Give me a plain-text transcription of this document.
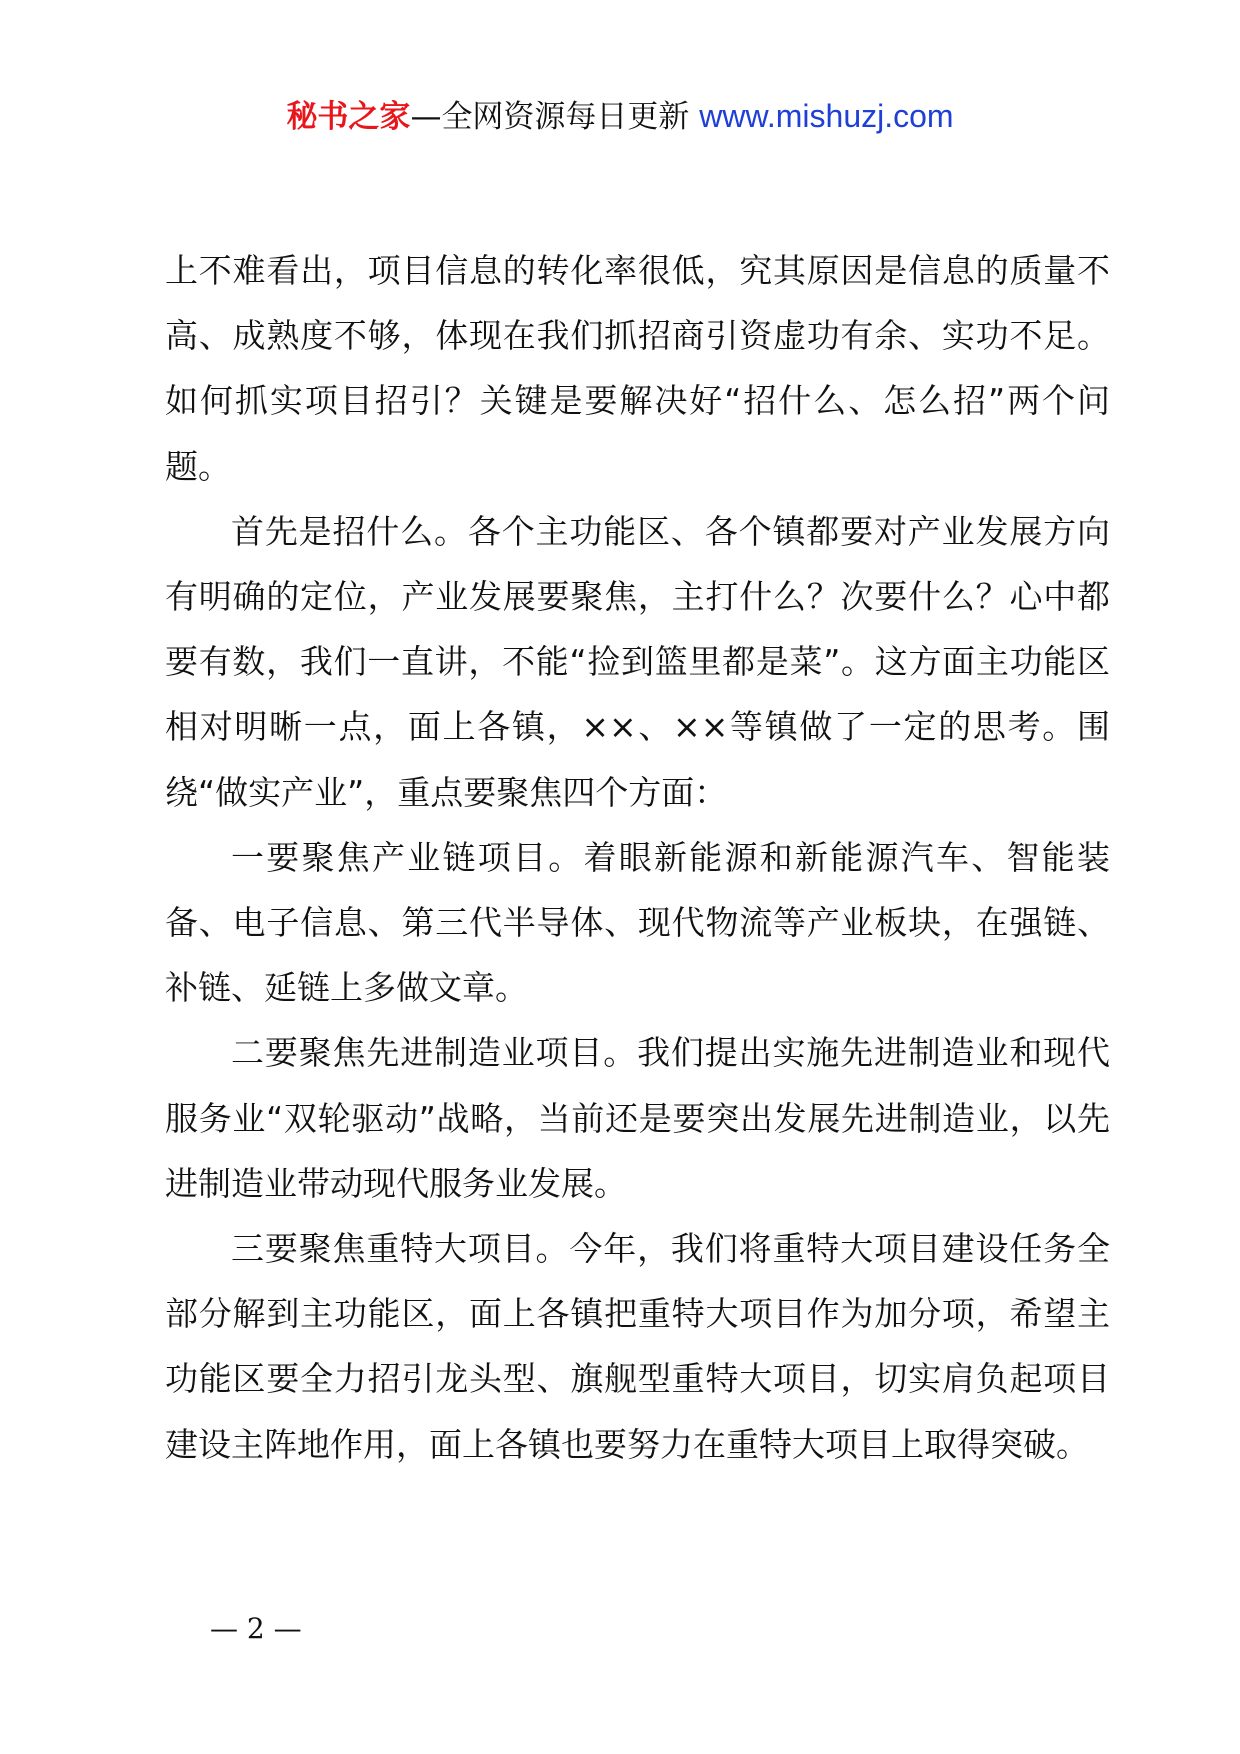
秘书之家—全网资源每日更新 www.mishuzj.com

上不难看出，项目信息的转化率很低，究其原因是信息的质量不高、成熟度不够，体现在我们抓招商引资虚功有余、实功不足。如何抓实项目招引？关键是要解决好“招什么、怎么招”两个问题。

首先是招什么。各个主功能区、各个镇都要对产业发展方向有明确的定位，产业发展要聚焦，主打什么？次要什么？心中都要有数，我们一直讲，不能“捡到篮里都是菜”。这方面主功能区相对明晰一点，面上各镇，××、××等镇做了一定的思考。围绕“做实产业”，重点要聚焦四个方面：

一要聚焦产业链项目。着眼新能源和新能源汽车、智能装备、电子信息、第三代半导体、现代物流等产业板块，在强链、补链、延链上多做文章。

二要聚焦先进制造业项目。我们提出实施先进制造业和现代服务业“双轮驱动”战略，当前还是要突出发展先进制造业，以先进制造业带动现代服务业发展。

三要聚焦重特大项目。今年，我们将重特大项目建设任务全部分解到主功能区，面上各镇把重特大项目作为加分项，希望主功能区要全力招引龙头型、旗舰型重特大项目，切实肩负起项目建设主阵地作用，面上各镇也要努力在重特大项目上取得突破。

— 2 —
